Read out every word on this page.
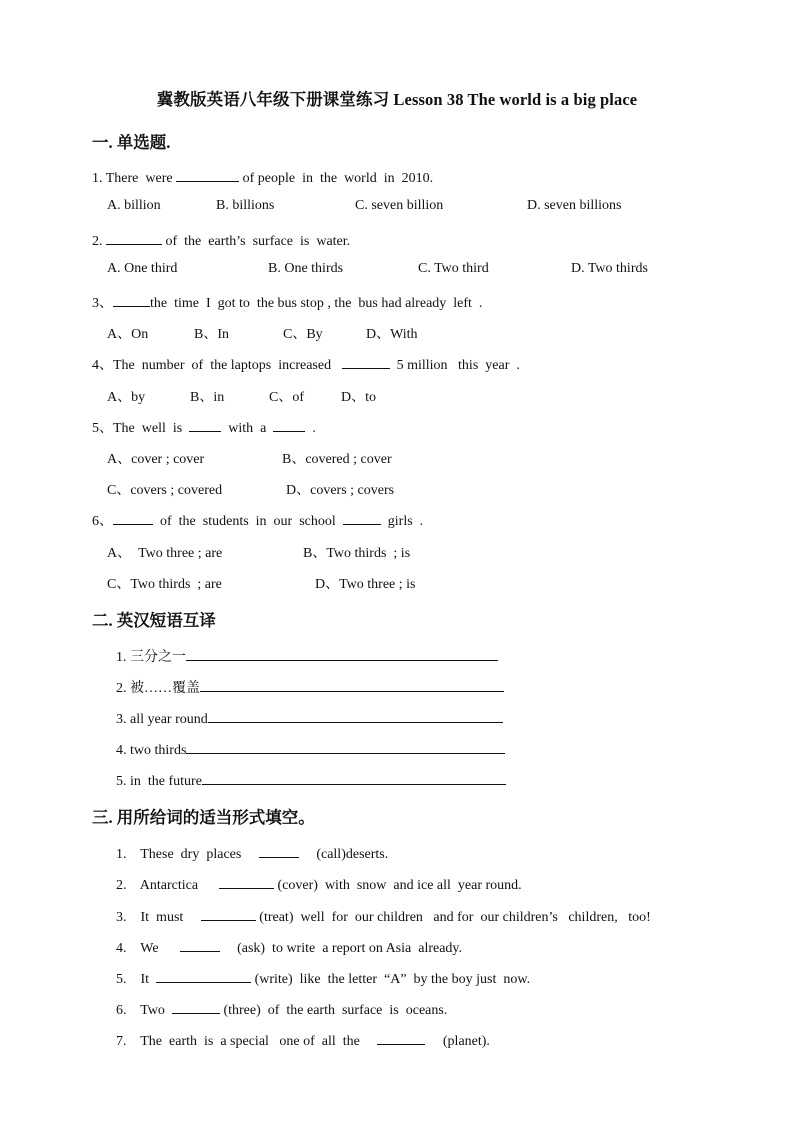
冀教版英语八年级下册课堂练习 Lesson 38 The world is a big place
一. 单选题.
1. There  were	of people  in  the  world  in  2010.
A. billion	B. billions	C. seven billion	D. seven billions
2.	of  the  earth’s  surface  is  water.
A. One third	B. One thirds	C. Two third	D. Two thirds
3、	the  time  I  got to  the bus stop , the  bus had already  left  .
A、On	B、In	C、By	D、With
4、The  number  of  the laptops  increased	5 million   this  year  .
A、by	B、in	C、of	D、to
5、The  well  is    with  a    .
A、cover ; cover	B、covered ; cover
C、covers ; covered	D、covers ; covers
6、	of  the  students  in  our  school	girls  .
A、  Two three ; are	B、Two thirds  ; is
C、Two thirds  ; are	D、Two three ; is
二. 英汉短语互译
1. 三分之一
2. 被……覆盖
3. all year round
4. two thirds
5. in  the future
三. 用所给词的适当形式填空。
1. These  dry  places	(call)deserts.
2. Antarctica	(cover)  with  snow  and ice all  year round.
3. It  must	(treat)  well  for  our children   and for  our children’s   children,   too!
4. We	(ask)  to write  a report on Asia  already.
5. It	(write)  like  the letter  “A”  by the boy just  now.
6. Two	(three)  of  the earth  surface  is  oceans.
7. The  earth  is  a special   one of  all  the	(planet).
